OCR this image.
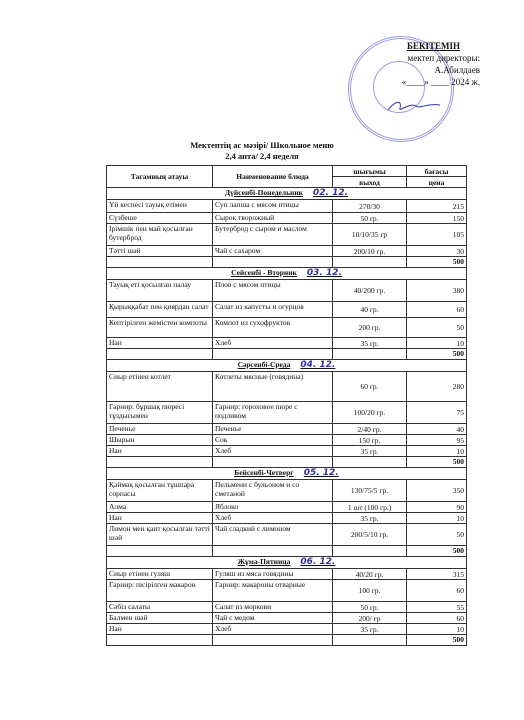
БЕКІТЕМІН
мектеп директоры:
А.Абилдаев
«____» ____ 2024 ж.
Мектептің ас мәзірі/ Школьное меню
2,4 апта/ 2,4 неделя
Тағамның атауы	Наименование блюда	шығымы	бағасы
		выход	цена
Дүйсенбі-Понедельник 02. 12.			
Үй кеспесі тауық етімен	Суп лапша с мясом птицы	270/30	215
Сүзбеше	Сырок творожный	50 гр.	150
Ірімшік пен май қосылған бутерброд	Бутерброд с сыром и маслом	10/10/35 гр	105
Тәтті шәй	Чай с сахаром	200/10 гр.	30
			500
Сейсенбі - Вторник 03. 12.			
Тауық еті қосылған палау	Плов с мясом птицы	40/200 гр.	380
Қырыққабат пен қиярдан салат	Салат из капусты и огурцов	40 гр.	60
Кептірілген жемістен компоты	Компот из сухофруктов	200 гр.	50
Нан	Хлеб	35 гр.	10
			500
Сәрсенбі-Среда 04. 12.			
Сиыр етінен котлет	Котлеты мясные (говядина)	60 гр.	280
Гарнир: бұршақ пюресі тұздығымен	Гарнир: гороховое пюре с подливом	100/20 гр.	75
Печенье	Печенье	2/40 гр.	40
Шырын	Сок	150 гр.	95
Нан	Хлеб	35 гр.	10
			500
Бейсенбі-Четверг 05. 12.			
Қаймақ қосылған тұшпара сорпасы	Пельмени с бульоном и со сметаной	130/75/5 гр.	350
Алма	Яблоко	1 шт (100 гр.)	90
Нан	Хлеб	35 гр.	10
Лимон мен қант қосылған тәтті шәй	Чай сладкий с лимоном	200/5/10 гр.	50
			500
Жұма-Пятница 06. 12.			
Сиыр етінен гуляш	Гуляш из мяса говядины	40/20 гр.	315
Гарнир: пісірілген макарон	Гарнир: макароны отварные	100 гр.	60
Сәбіз салаты	Салат из моркови	50 гр.	55
Балмен шәй	Чай с медом	200/ гр	60
Нан	Хлеб	35 гр.	10
			500
